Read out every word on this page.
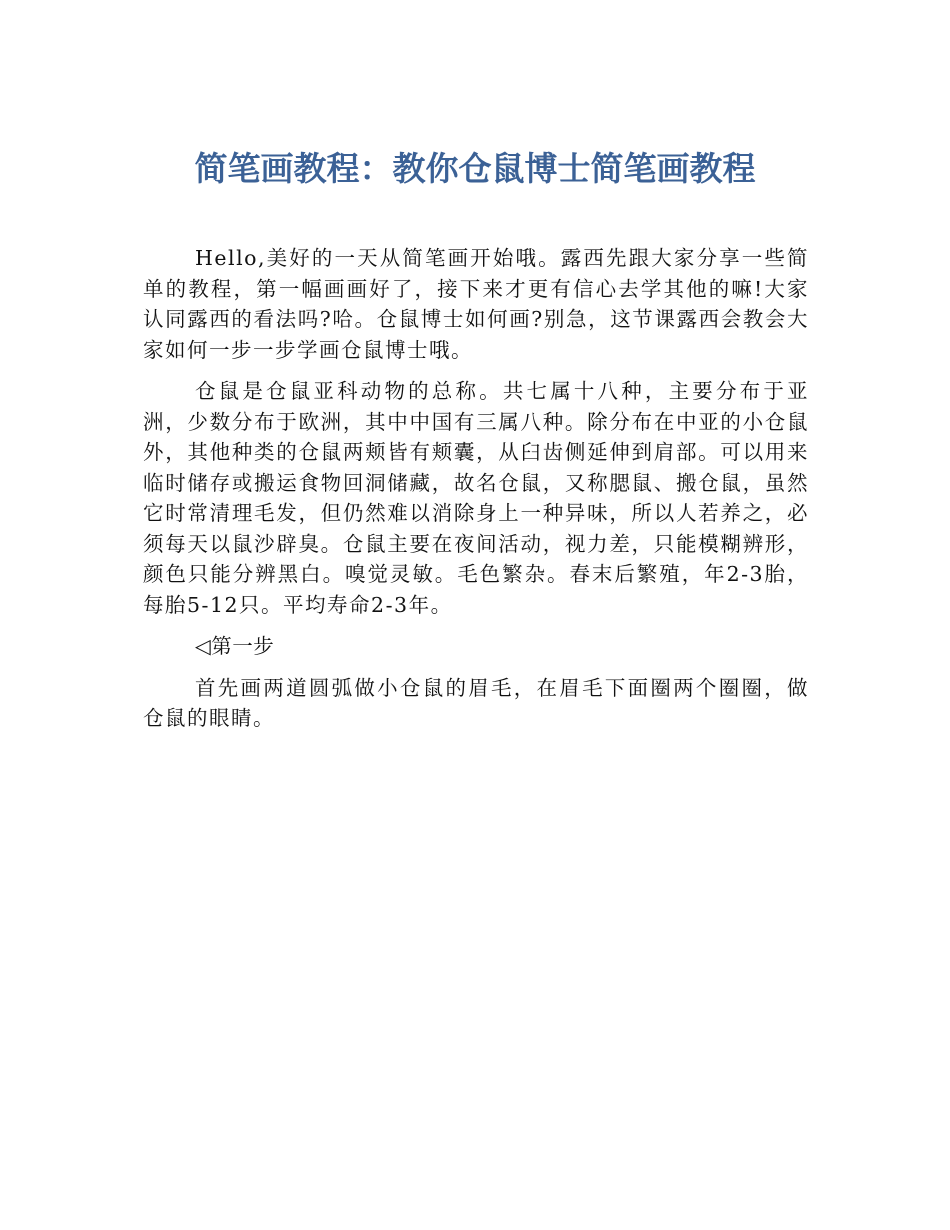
简笔画教程：教你仓鼠博士简笔画教程

Hello,美好的一天从简笔画开始哦。露西先跟大家分享一些简单的教程，第一幅画画好了，接下来才更有信心去学其他的嘛!大家认同露西的看法吗?哈。仓鼠博士如何画?别急，这节课露西会教会大家如何一步一步学画仓鼠博士哦。

仓鼠是仓鼠亚科动物的总称。共七属十八种，主要分布于亚洲，少数分布于欧洲，其中中国有三属八种。除分布在中亚的小仓鼠外，其他种类的仓鼠两颊皆有颊囊，从臼齿侧延伸到肩部。可以用来临时储存或搬运食物回洞储藏，故名仓鼠，又称腮鼠、搬仓鼠，虽然它时常清理毛发，但仍然难以消除身上一种异味，所以人若养之，必须每天以鼠沙辟臭。仓鼠主要在夜间活动，视力差，只能模糊辨形，颜色只能分辨黑白。嗅觉灵敏。毛色繁杂。春末后繁殖，年2-3胎，每胎5-12只。平均寿命2-3年。

◁第一步

首先画两道圆弧做小仓鼠的眉毛，在眉毛下面圈两个圈圈，做仓鼠的眼睛。
